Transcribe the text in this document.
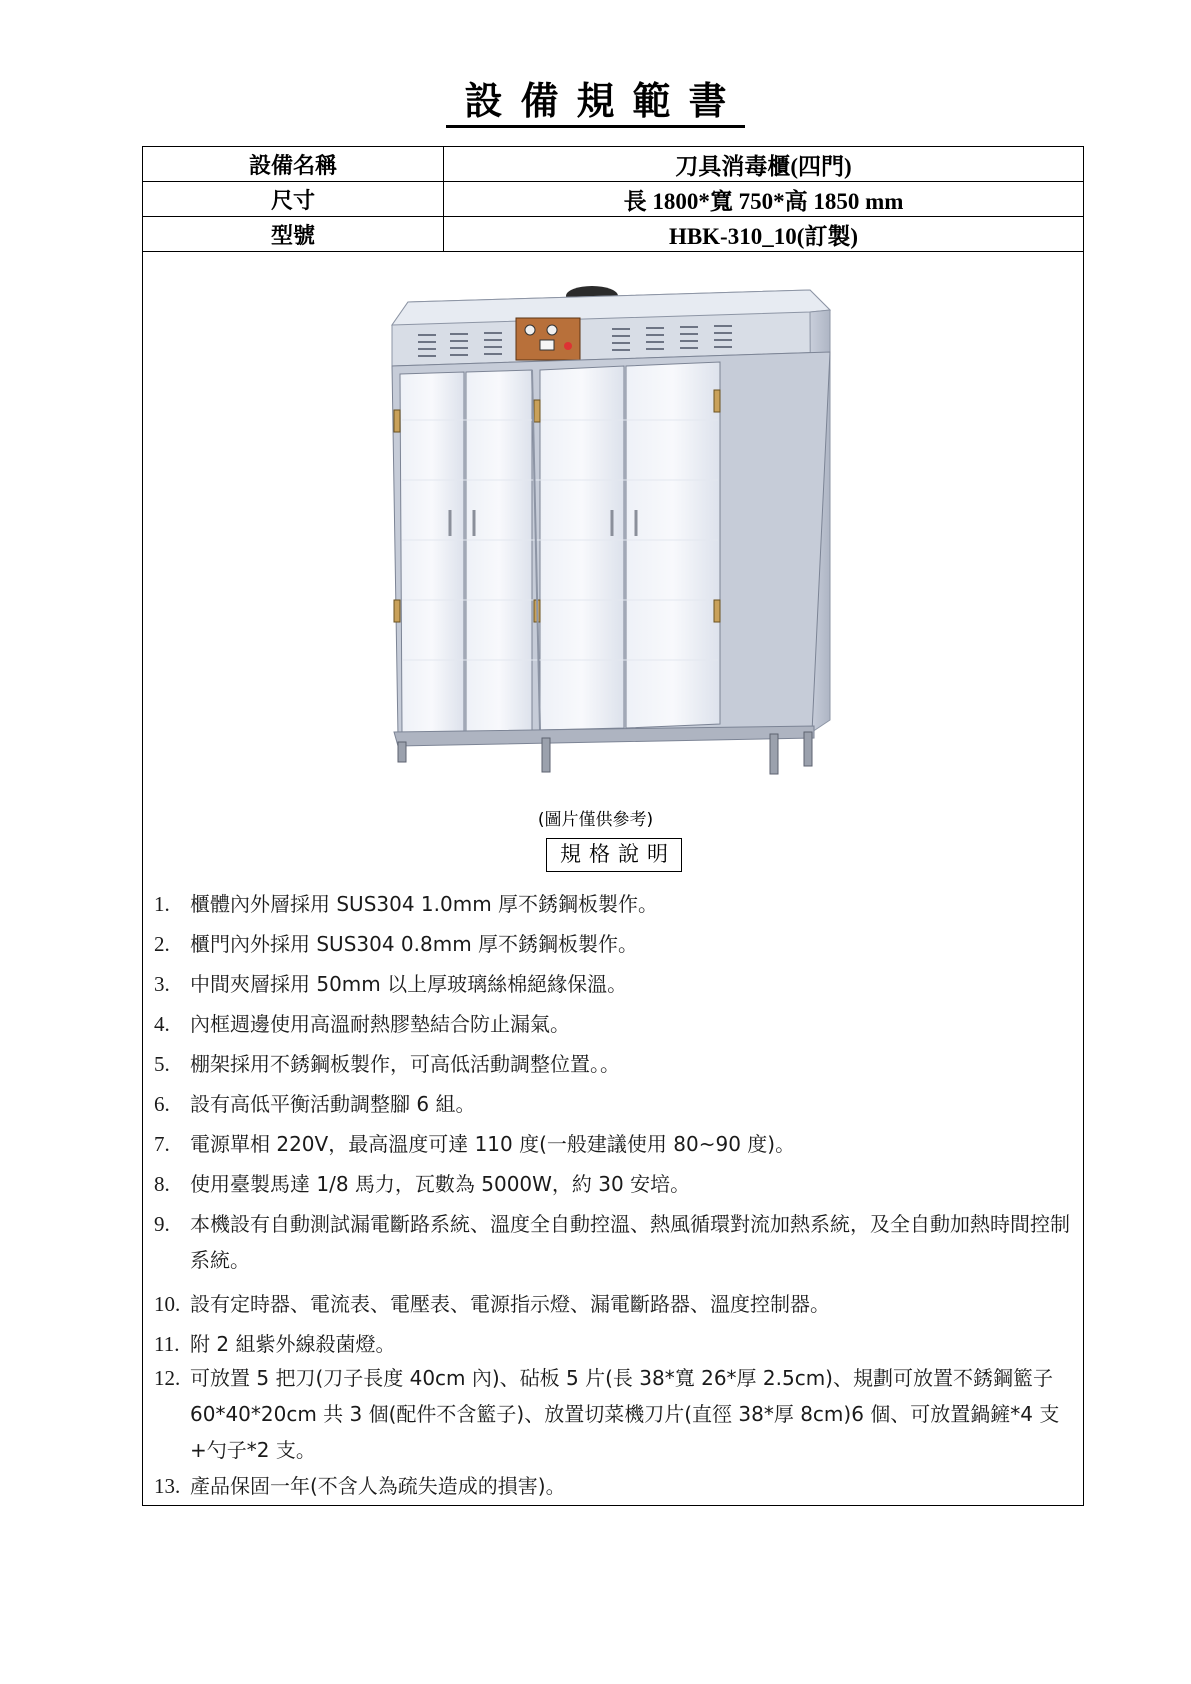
設備規範書
設備名稱	刀具消毒櫃(四門)
尺寸	長 1800*寬 750*高 1850 mm
型號	HBK-310_10(訂製)
(圖片僅供參考)
規格說明
1. 櫃體內外層採用 SUS304 1.0mm 厚不銹鋼板製作。
2. 櫃門內外採用 SUS304 0.8mm 厚不銹鋼板製作。
3. 中間夾層採用 50mm 以上厚玻璃絲棉絕緣保溫。
4. 內框週邊使用高溫耐熱膠墊結合防止漏氣。
5. 棚架採用不銹鋼板製作，可高低活動調整位置。。
6. 設有高低平衡活動調整腳 6 組。
7. 電源單相 220V，最高溫度可達 110 度(一般建議使用 80~90 度)。
8. 使用臺製馬達 1/8 馬力，瓦數為 5000W，約 30 安培。
9. 本機設有自動測試漏電斷路系統、溫度全自動控溫、熱風循環對流加熱系統，及全自動加熱時間控制系統。
10. 設有定時器、電流表、電壓表、電源指示燈、漏電斷路器、溫度控制器。
11. 附 2 組紫外線殺菌燈。
12. 可放置 5 把刀(刀子長度 40cm 內)、砧板 5 片(長 38*寬 26*厚 2.5cm)、規劃可放置不銹鋼籃子 60*40*20cm 共 3 個(配件不含籃子)、放置切菜機刀片(直徑 38*厚 8cm)6 個、可放置鍋鏟*4 支+勺子*2 支。
13. 產品保固一年(不含人為疏失造成的損害)。
